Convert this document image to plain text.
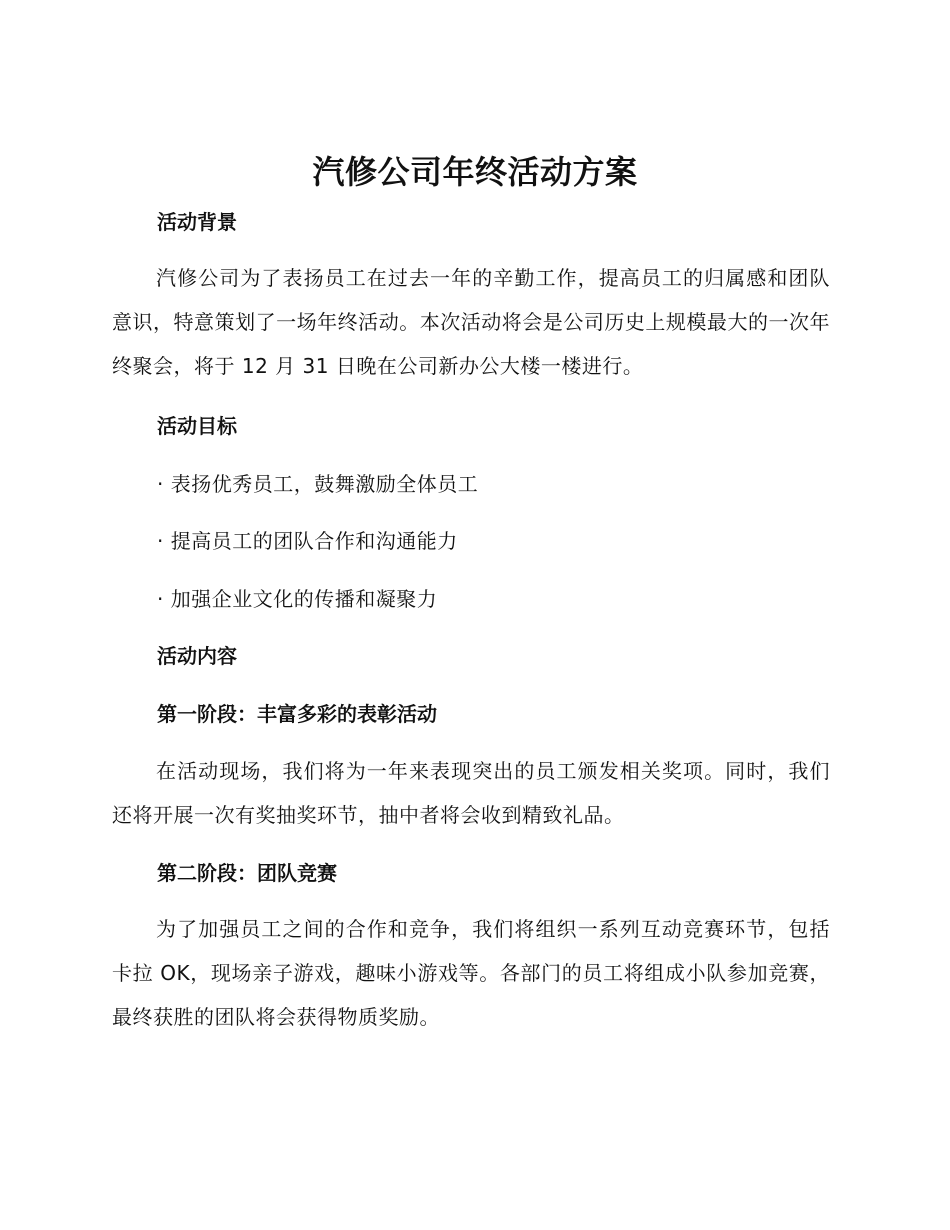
汽修公司年终活动方案
活动背景
汽修公司为了表扬员工在过去一年的辛勤工作，提高员工的归属感和团队意识，特意策划了一场年终活动。本次活动将会是公司历史上规模最大的一次年终聚会，将于 12 月 31 日晚在公司新办公大楼一楼进行。
活动目标
· 表扬优秀员工，鼓舞激励全体员工
· 提高员工的团队合作和沟通能力
· 加强企业文化的传播和凝聚力
活动内容
第一阶段：丰富多彩的表彰活动
在活动现场，我们将为一年来表现突出的员工颁发相关奖项。同时，我们还将开展一次有奖抽奖环节，抽中者将会收到精致礼品。
第二阶段：团队竞赛
为了加强员工之间的合作和竞争，我们将组织一系列互动竞赛环节，包括卡拉 OK，现场亲子游戏，趣味小游戏等。各部门的员工将组成小队参加竞赛，最终获胜的团队将会获得物质奖励。
